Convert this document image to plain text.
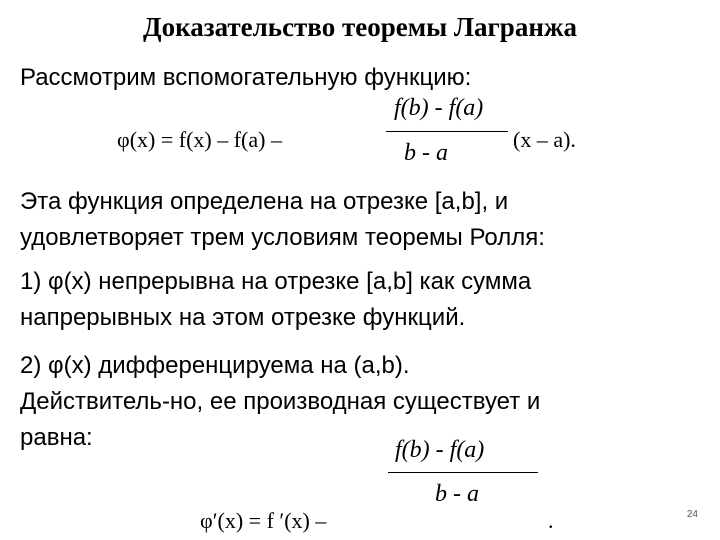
Доказательство теоремы Лагранжа
Рассмотрим вспомогательную функцию:
φ(x) = f(x) – f(a) –
f(b) - f(a)
b - a
(x – a).
Эта функция определена на отрезке [a,b], и
удовлетворяет трем условиям теоремы Ролля:
1) φ(x) непрерывна на отрезке [a,b] как сумма
напрерывных на этом отрезке функций.
2) φ(x) дифференцируема на (a,b).
Действитель-но, ее производная существует и
равна:	f(b) - f(a)
b - a
φ′(x) = f ′(x) –	.	24
